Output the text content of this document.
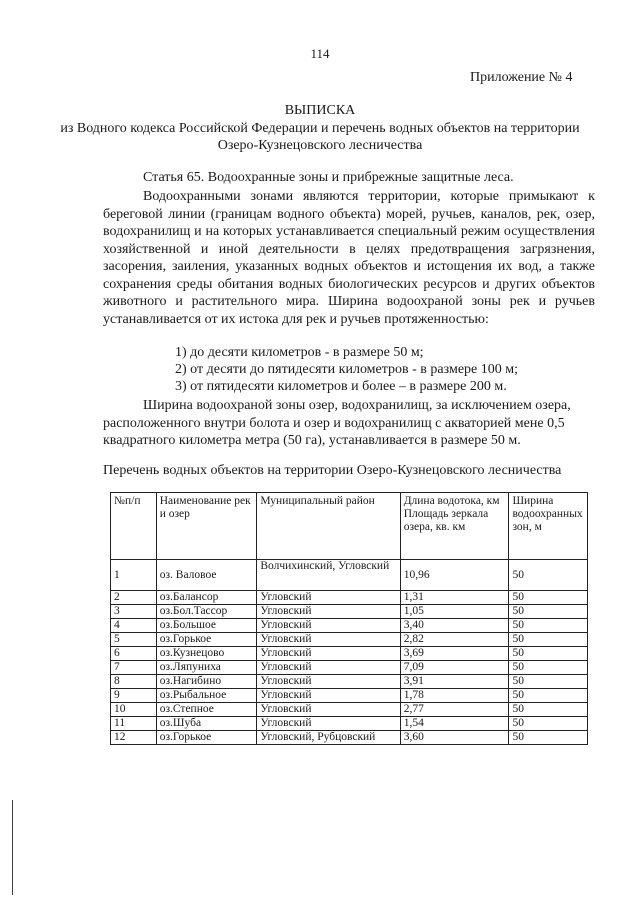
114
Приложение № 4
ВЫПИСКА
из Водного кодекса Российской Федерации и перечень водных объектов на территории Озеро-Кузнецовского лесничества
Статья 65. Водоохранные зоны и прибрежные защитные леса.

Водоохранными зонами являются территории, которые примыкают к береговой линии (границам водного объекта) морей, ручьев, каналов, рек, озер, водохранилищ и на которых устанавливается специальный режим осуществления хозяйственной и иной деятельности в целях предотвращения загрязнения, засорения, заиления, указанных водных объектов и истощения их вод, а также сохранения среды обитания водных биологических ресурсов и других объектов животного и растительного мира. Ширина водоохраной зоны рек и ручьев устанавливается от их истока для рек и ручьев протяженностью:

1) до десяти километров - в размере 50 м;
2) от десяти до пятидесяти километров - в размере 100 м;
3) от пятидесяти километров и более – в размере 200 м.

Ширина водоохраной зоны озер, водохранилищ, за исключением озера, расположенного внутри болота и озер и водохранилищ с акваторией мене 0,5 квадратного километра метра (50 га), устанавливается в размере 50 м.

Перечень водных объектов на территории Озеро-Кузнецовского лесничества
№п/п	Наименование рек и озер	Муниципальный район	Длина водотока, км Площадь зеркала озера, кв. км	Ширина водоохранных зон, м
1	оз. Валовое	Волчихинский, Угловский	10,96	50
2	оз.Балансор	Угловский	1,31	50
3	оз.Бол.Тассор	Угловский	1,05	50
4	оз.Большое	Угловский	3,40	50
5	оз.Горькое	Угловский	2,82	50
6	оз.Кузнецово	Угловский	3,69	50
7	оз.Ляпуниха	Угловский	7,09	50
8	оз.Нагибино	Угловский	3,91	50
9	оз.Рыбальное	Угловский	1,78	50
10	оз.Степное	Угловский	2,77	50
11	оз.Шуба	Угловский	1,54	50
12	оз.Горькое	Угловский, Рубцовский	3,60	50
